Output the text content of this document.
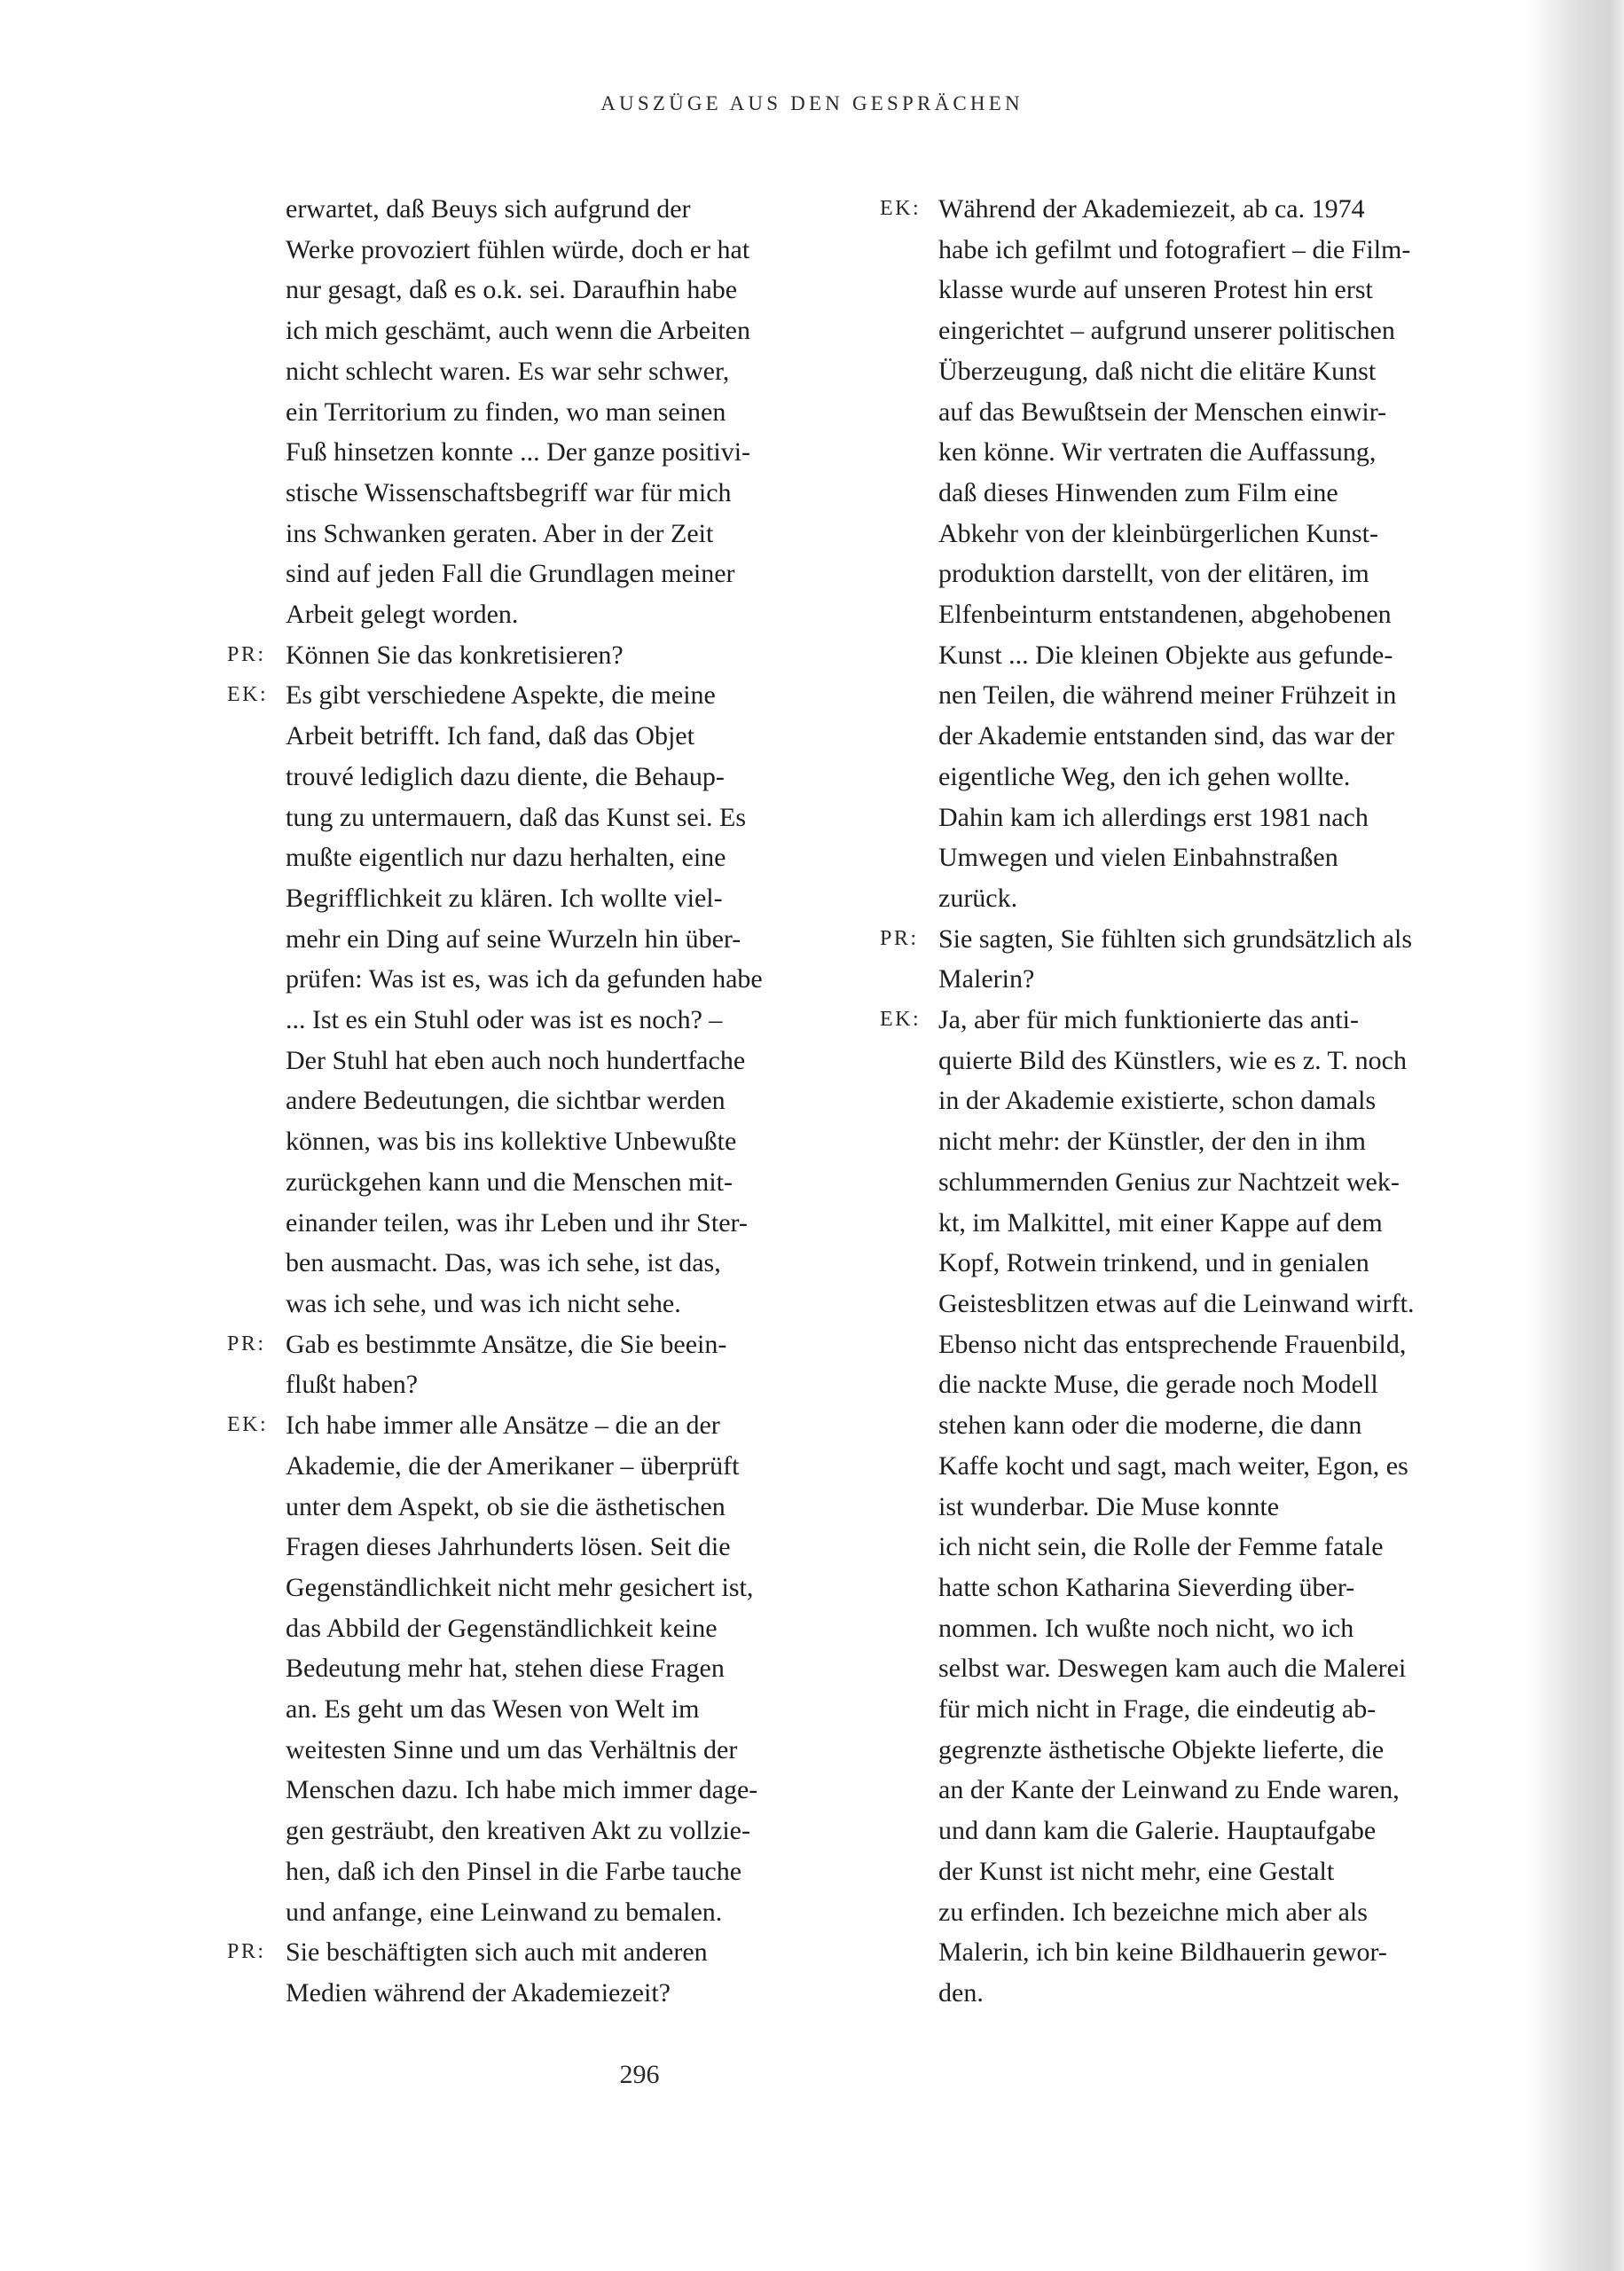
AUSZÜGE AUS DEN GESPRÄCHEN
erwartet, daß Beuys sich aufgrund der
Werke provoziert fühlen würde, doch er hat
nur gesagt, daß es o.k. sei. Daraufhin habe
ich mich geschämt, auch wenn die Arbeiten
nicht schlecht waren. Es war sehr schwer,
ein Territorium zu finden, wo man seinen
Fuß hinsetzen konnte ... Der ganze positivi-
stische Wissenschaftsbegriff war für mich
ins Schwanken geraten. Aber in der Zeit
sind auf jeden Fall die Grundlagen meiner
Arbeit gelegt worden.
PR: Können Sie das konkretisieren?
EK: Es gibt verschiedene Aspekte, die meine
Arbeit betrifft. Ich fand, daß das Objet
trouvé lediglich dazu diente, die Behaup-
tung zu untermauern, daß das Kunst sei. Es
mußte eigentlich nur dazu herhalten, eine
Begrifflichkeit zu klären. Ich wollte viel-
mehr ein Ding auf seine Wurzeln hin über-
prüfen: Was ist es, was ich da gefunden habe
... Ist es ein Stuhl oder was ist es noch? –
Der Stuhl hat eben auch noch hundertfache
andere Bedeutungen, die sichtbar werden
können, was bis ins kollektive Unbewußte
zurückgehen kann und die Menschen mit-
einander teilen, was ihr Leben und ihr Ster-
ben ausmacht. Das, was ich sehe, ist das,
was ich sehe, und was ich nicht sehe.
PR: Gab es bestimmte Ansätze, die Sie beein-
flußt haben?
EK: Ich habe immer alle Ansätze – die an der
Akademie, die der Amerikaner – überprüft
unter dem Aspekt, ob sie die ästhetischen
Fragen dieses Jahrhunderts lösen. Seit die
Gegenständlichkeit nicht mehr gesichert ist,
das Abbild der Gegenständlichkeit keine
Bedeutung mehr hat, stehen diese Fragen
an. Es geht um das Wesen von Welt im
weitesten Sinne und um das Verhältnis der
Menschen dazu. Ich habe mich immer dage-
gen gesträubt, den kreativen Akt zu vollzie-
hen, daß ich den Pinsel in die Farbe tauche
und anfange, eine Leinwand zu bemalen.
PR: Sie beschäftigten sich auch mit anderen
Medien während der Akademiezeit?
EK: Während der Akademiezeit, ab ca. 1974
habe ich gefilmt und fotografiert – die Film-
klasse wurde auf unseren Protest hin erst
eingerichtet – aufgrund unserer politischen
Überzeugung, daß nicht die elitäre Kunst
auf das Bewußtsein der Menschen einwir-
ken könne. Wir vertraten die Auffassung,
daß dieses Hinwenden zum Film eine
Abkehr von der kleinbürgerlichen Kunst-
produktion darstellt, von der elitären, im
Elfenbeinturm entstandenen, abgehobenen
Kunst ... Die kleinen Objekte aus gefunde-
nen Teilen, die während meiner Frühzeit in
der Akademie entstanden sind, das war der
eigentliche Weg, den ich gehen wollte.
Dahin kam ich allerdings erst 1981 nach
Umwegen und vielen Einbahnstraßen
zurück.
PR: Sie sagten, Sie fühlten sich grundsätzlich als
Malerin?
EK: Ja, aber für mich funktionierte das anti-
quierte Bild des Künstlers, wie es z. T. noch
in der Akademie existierte, schon damals
nicht mehr: der Künstler, der den in ihm
schlummernden Genius zur Nachtzeit wek-
kt, im Malkittel, mit einer Kappe auf dem
Kopf, Rotwein trinkend, und in genialen
Geistesblitzen etwas auf die Leinwand wirft.
Ebenso nicht das entsprechende Frauenbild,
die nackte Muse, die gerade noch Modell
stehen kann oder die moderne, die dann
Kaffe kocht und sagt, mach weiter, Egon, es
ist wunderbar. Die Muse konnte
ich nicht sein, die Rolle der Femme fatale
hatte schon Katharina Sieverding über-
nommen. Ich wußte noch nicht, wo ich
selbst war. Deswegen kam auch die Malerei
für mich nicht in Frage, die eindeutig ab-
gegrenzte ästhetische Objekte lieferte, die
an der Kante der Leinwand zu Ende waren,
und dann kam die Galerie. Hauptaufgabe
der Kunst ist nicht mehr, eine Gestalt
zu erfinden. Ich bezeichne mich aber als
Malerin, ich bin keine Bildhauerin gewor-
den.
296
